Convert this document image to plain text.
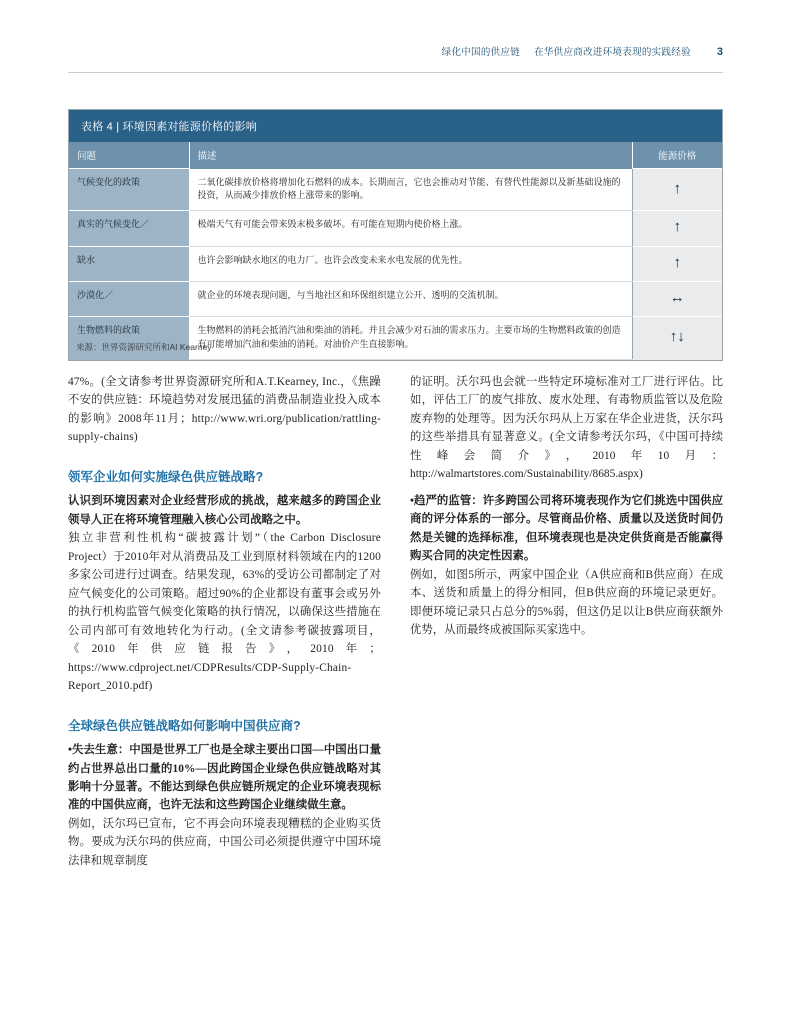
绿化中国的供应链 在华供应商改进环境表现的实践经验 3
表格 4 | 环境因素对能源价格的影响
问题	描述	能源价格
气候变化的政策	二氧化碳排放价格将增加化石燃料的成本。长期而言，它也会推动对节能、有替代性能源以及新基础设施的投资，从而减少排放价格上涨带来的影响。	↑
真实的气候变化／	极端天气有可能会带来毁末极多破坏。有可能在短期内使价格上涨。	↑
缺水	也许会影响缺水地区的电力厂。也许会改变未来水电发展的优先性。	↑
沙漠化／	就企业的环境表现问题，与当地社区和环保组织建立公开、透明的交流机制。	↔
生物燃料的政策	生物燃料的消耗会抵消汽油和柴油的消耗。并且会减少对石油的需求压力。主要市场的生物燃料政策的创造有可能增加汽油和柴油的消耗。对油价产生直接影响。	↑↓
来源：世界资源研究所和AI Kearney

47%。(全文请参考世界资源研究所和A.T.Kearney, Inc.，《焦躁不安的供应链：环境趋势对发展迅猛的消费品制造业投入成本的影响》2008年11月；http://www.wri.org/publication/rattling-supply-chains)

领军企业如何实施绿色供应链战略?

认识到环境因素对企业经营形成的挑战，越来越多的跨国企业领导人正在将环境管理融入核心公司战略之中。

独立非营利性机构“碳披露计划”（the Carbon Disclosure Project）于2010年对从消费品及工业到原材料领域在内的1200多家公司进行过调查。结果发现，63%的受访公司都制定了对应气候变化的公司策略。超过90%的企业都设有董事会或另外的执行机构监管气候变化策略的执行情况，以确保这些措施在公司内部可有效地转化为行动。(全文请参考碳披露项目，《2010年供应链报告》，2010年；https://www.cdproject.net/CDPResults/CDP-Supply-Chain-Report_2010.pdf)

全球绿色供应链战略如何影响中国供应商?

•失去生意：中国是世界工厂也是全球主要出口国—中国出口量约占世界总出口量的10%—因此跨国企业绿色供应链战略对其影响十分显著。不能达到绿色供应链所规定的企业环境表现标准的中国供应商，也许无法和这些跨国企业继续做生意。

例如，沃尔玛已宣布，它不再会向环境表现糟糕的企业购买货物。要成为沃尔玛的供应商，中国公司必须提供遵守中国环境法律和规章制度

的证明。沃尔玛也会就一些特定环境标准对工厂进行评估。比如，评估工厂的废气排放、废水处理、有毒物质监管以及危险废弃物的处理等。因为沃尔玛从上万家在华企业进货，沃尔玛的这些举措具有显著意义。(全文请参考沃尔玛，《中国可持续性峰会简介》，2010年10月：http://walmartstores.com/Sustainability/8685.aspx)

•趋严的监管：许多跨国公司将环境表现作为它们挑选中国供应商的评分体系的一部分。尽管商品价格、质量以及送货时间仍然是关键的选择标准，但环境表现也是决定供货商是否能赢得购买合同的决定性因素。

例如，如图5所示，两家中国企业（A供应商和B供应商）在成本、送货和质量上的得分相同，但B供应商的环境记录更好。即便环境记录只占总分的5%弱，但这仍足以让B供应商获额外优势，从而最终成被国际买家选中。
